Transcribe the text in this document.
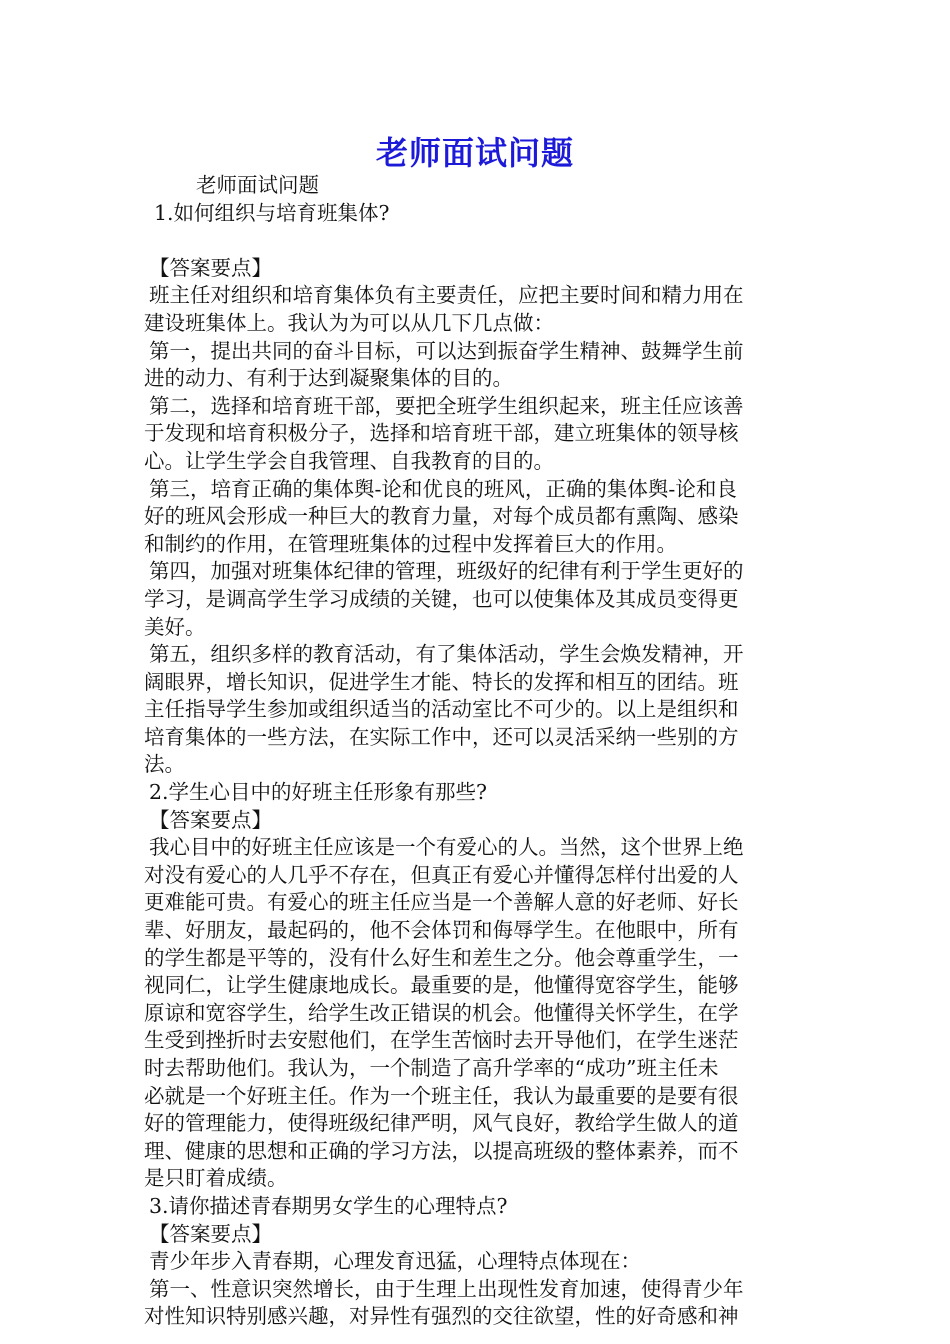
老师面试问题
老师面试问题
1.如何组织与培育班集体?
【答案要点】
班主任对组织和培育集体负有主要责任，应把主要时间和精力用在
建设班集体上。我认为为可以从几下几点做：
第一，提出共同的奋斗目标，可以达到振奋学生精神、鼓舞学生前
进的动力、有利于达到凝聚集体的目的。
第二，选择和培育班干部，要把全班学生组织起来，班主任应该善
于发现和培育积极分子，选择和培育班干部，建立班集体的领导核
心。让学生学会自我管理、自我教育的目的。
第三，培育正确的集体舆-论和优良的班风，正确的集体舆-论和良
好的班风会形成一种巨大的教育力量，对每个成员都有熏陶、感染
和制约的作用，在管理班集体的过程中发挥着巨大的作用。
第四，加强对班集体纪律的管理，班级好的纪律有利于学生更好的
学习，是调高学生学习成绩的关键，也可以使集体及其成员变得更
美好。
第五，组织多样的教育活动，有了集体活动，学生会焕发精神，开
阔眼界，增长知识，促进学生才能、特长的发挥和相互的团结。班
主任指导学生参加或组织适当的活动室比不可少的。以上是组织和
培育集体的一些方法，在实际工作中，还可以灵活采纳一些别的方
法。
2.学生心目中的好班主任形象有那些?
【答案要点】
我心目中的好班主任应该是一个有爱心的人。当然，这个世界上绝
对没有爱心的人几乎不存在，但真正有爱心并懂得怎样付出爱的人
更难能可贵。有爱心的班主任应当是一个善解人意的好老师、好长
辈、好朋友，最起码的，他不会体罚和侮辱学生。在他眼中，所有
的学生都是平等的，没有什么好生和差生之分。他会尊重学生，一
视同仁，让学生健康地成长。最重要的是，他懂得宽容学生，能够
原谅和宽容学生，给学生改正错误的机会。他懂得关怀学生，在学
生受到挫折时去安慰他们，在学生苦恼时去开导他们，在学生迷茫
时去帮助他们。我认为，一个制造了高升学率的“成功”班主任未
必就是一个好班主任。作为一个班主任，我认为最重要的是要有很
好的管理能力，使得班级纪律严明，风气良好，教给学生做人的道
理、健康的思想和正确的学习方法，以提高班级的整体素养，而不
是只盯着成绩。
3.请你描述青春期男女学生的心理特点?
【答案要点】
青少年步入青春期，心理发育迅猛，心理特点体现在：
第一、性意识突然增长，由于生理上出现性发育加速，使得青少年
对性知识特别感兴趣，对异性有强烈的交往欲望，性的好奇感和神
